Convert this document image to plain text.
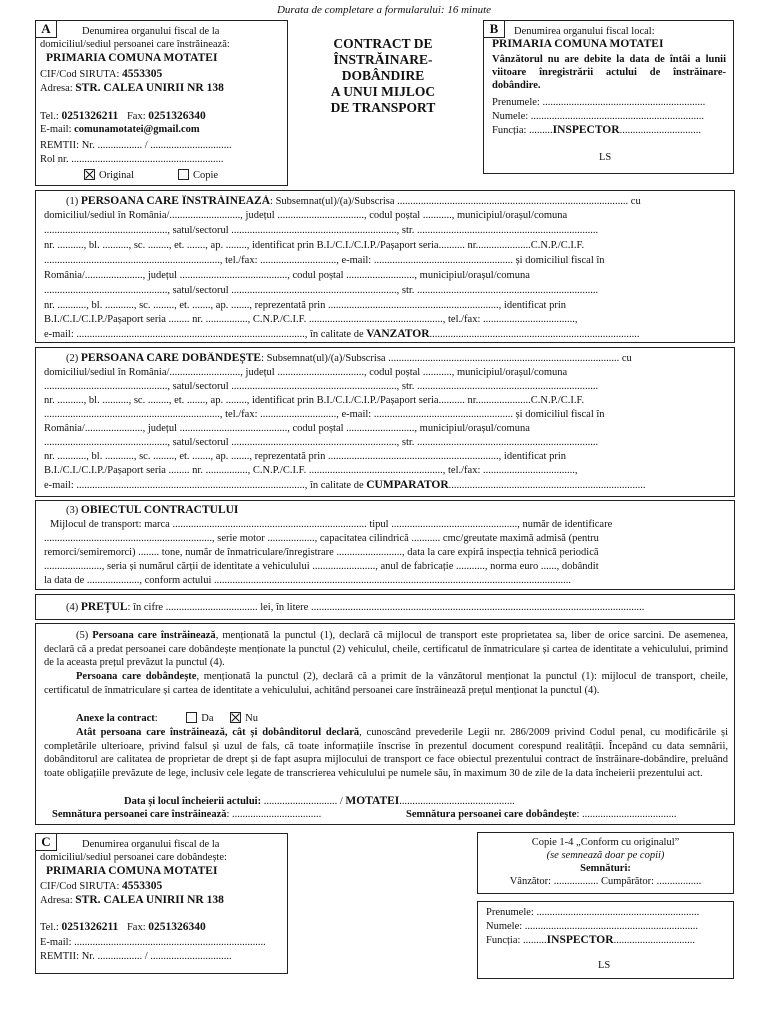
Durata de completare a formularului: 16 minute
A	Denumirea organului fiscal de la
domiciliul/sediul persoanei care înstrăinează:
PRIMARIA COMUNA MOTATEI
CIF/Cod SIRUTA: 4553305
Adresa: STR. CALEA UNIRII NR 138
Tel.: 0251326211 Fax: 0251326340
E-mail: comunamotatei@gmail.com
REMTII: Nr. ................. / ...............................
Rol nr. ..........................................................
Original	Copie
CONTRACT DE
ÎNSTRĂINARE-
DOBÂNDIRE
A UNUI MIJLOC
DE TRANSPORT
B	Denumirea organului fiscal local:
PRIMARIA COMUNA MOTATEI
Vânzătorul nu are debite la data de întâi a lunii viitoare înregistrării actului de înstrăinare-dobândire.
Prenumele: ..............................................................
Numele: ..................................................................
Funcția: .........INSPECTOR...............................
LS
(1) PERSOANA CARE ÎNSTRĂINEAZĂ: Subsemnat(ul)/(a)/Subscrisa ........................................................................................ cu
domiciliul/sediul în România/..........................., județul ................................., codul poștal ..........., municipiul/orașul/comuna
..............................................., satul/sectorul ..............................................................., str. .....................................................................
nr. .........., bl. .........., sc. ........, et. ......., ap. ........, identificat prin B.I./C.I./C.I.P./Pașaport seria.......... nr.....................C.N.P./C.I.F.
..................................................................., tel./fax: ............................., e-mail: ..................................................... și domiciliul fiscal în
România/......................, județul ........................................., codul poștal .........................., municipiul/orașul/comuna
..............................................., satul/sectorul ..............................................................., str. .....................................................................
nr. ..........., bl. ..........., sc. ........, et. ......., ap. ......., reprezentată prin ................................................................., identificat prin
B.I./C.I./C.I.P./Pașaport seria ........ nr. ................, C.N.P./C.I.F. ..................................................., tel./fax: ...................................,
e-mail: ......................................................................................., în calitate de VANZATOR................................................................................
(2) PERSOANA CARE DOBÂNDEȘTE: Subsemnat(ul)/(a)/Subscrisa ........................................................................................ cu
domiciliul/sediul în România/..........................., județul ................................., codul poștal ..........., municipiul/orașul/comuna
..............................................., satul/sectorul ..............................................................., str. .....................................................................
nr. .........., bl. .........., sc. ........, et. ......., ap. ........, identificat prin B.I./C.I./C.I.P./Pașaport seria.......... nr.....................C.N.P./C.I.F.
..................................................................., tel./fax: ............................., e-mail: ..................................................... și domiciliul fiscal în
România/......................, județul ........................................., codul poștal .........................., municipiul/orașul/comuna
..............................................., satul/sectorul ..............................................................., str. .....................................................................
nr. ..........., bl. ..........., sc. ........, et. ......., ap. ......., reprezentată prin ................................................................., identificat prin
B.I./C.I./C.I.P./Pașaport seria ........ nr. ................, C.N.P./C.I.F. ..................................................., tel./fax: ...................................,
e-mail: ......................................................................................., în calitate de CUMPARATOR...........................................................................
(3) OBIECTUL CONTRACTULUI
Mijlocul de transport: marca .......................................................................... tipul ................................................, număr de identificare
................................................................, serie motor .................., capacitatea cilindrică ........... cmc/greutate maximă admisă (pentru
remorci/semiremorci) ........ tone, număr de înmatriculare/înregistrare ........................., data la care expiră inspecția tehnică periodică
......................, seria și numărul cărții de identitate a vehiculului ........................, anul de fabricație ..........., norma euro ......, dobândit
la data de ...................., conform actului ........................................................................................................................................
(4) PREȚUL: în cifre ................................... lei, în litere ...............................................................................................................................
(5) Persoana care înstrăinează, menționată la punctul (1), declară că mijlocul de transport este proprietatea sa, liber de orice sarcini. De asemenea, declară că a predat persoanei care dobândește menționate la punctul (2) vehiculul, cheile, certificatul de înmatriculare și cartea de identitate a vehiculului, primind de la aceasta prețul prevăzut la punctul (4).
Persoana care dobândește, menționată la punctul (2), declară că a primit de la vânzătorul menționat la punctul (1): mijlocul de transport, cheile, certificatul de înmatriculare și cartea de identitate a vehiculului, achitând persoanei care înstrăinează prețul menționat la punctul (4).
Anexe la contract:	Da	Nu
Atât persoana care înstrăinează, cât și dobânditorul declară, cunoscând prevederile Legii nr. 286/2009 privind Codul penal, cu modificările și completările ulterioare, privind falsul și uzul de fals, că toate informațiile înscrise în prezentul document corespund realității. Începând cu data semnării, dobânditorul are calitatea de proprietar de drept și de fapt asupra mijlocului de transport ce face obiectul prezentului contract de înstrăinare-dobândire, preluând toate obligațiile prevăzute de lege, inclusiv cele legate de transcrierea vehiculului pe numele său, în maximum 30 de zile de la data încheierii prezentului act.
Data și locul încheierii actului: ............................ / MOTATEI............................................
Semnătura persoanei care înstrăinează: ..................................	Semnătura persoanei care dobândește: ....................................
C	Denumirea organului fiscal de la
domiciliul/sediul persoanei care dobândește:
PRIMARIA COMUNA MOTATEI
CIF/Cod SIRUTA: 4553305
Adresa: STR. CALEA UNIRII NR 138
Tel.: 0251326211 Fax: 0251326340
E-mail: .........................................................................
REMTII: Nr. ................. / ...............................
Copie 1-4 „Conform cu originalul”
(se semnează doar pe copii)
Semnături:
Vânzător: ................. Cumpărător: .................
Prenumele: ..............................................................
Numele: ..................................................................
Funcția: .........INSPECTOR...............................
LS
